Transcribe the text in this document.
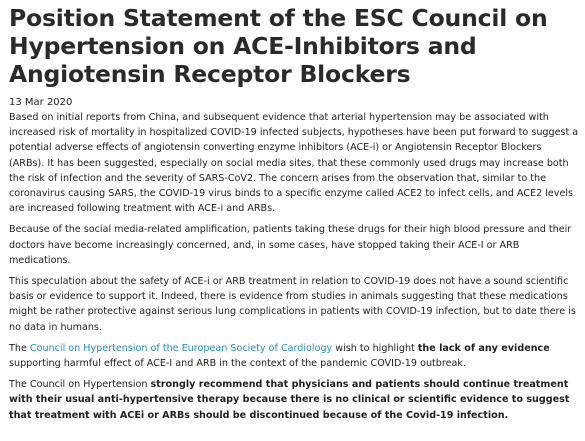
Position Statement of the ESC Council on Hypertension on ACE-Inhibitors and Angiotensin Receptor Blockers
13 Mar 2020

Based on initial reports from China, and subsequent evidence that arterial hypertension may be associated with increased risk of mortality in hospitalized COVID-19 infected subjects, hypotheses have been put forward to suggest a potential adverse effects of angiotensin converting enzyme inhibitors (ACE-i) or Angiotensin Receptor Blockers (ARBs). It has been suggested, especially on social media sites, that these commonly used drugs may increase both the risk of infection and the severity of SARS-CoV2. The concern arises from the observation that, similar to the coronavirus causing SARS, the COVID-19 virus binds to a specific enzyme called ACE2 to infect cells, and ACE2 levels are increased following treatment with ACE-i and ARBs.

Because of the social media-related amplification, patients taking these drugs for their high blood pressure and their doctors have become increasingly concerned, and, in some cases, have stopped taking their ACE-I or ARB medications.

This speculation about the safety of ACE-i or ARB treatment in relation to COVID-19 does not have a sound scientific basis or evidence to support it. Indeed, there is evidence from studies in animals suggesting that these medications might be rather protective against serious lung complications in patients with COVID-19 infection, but to date there is no data in humans.

The Council on Hypertension of the European Society of Cardiology wish to highlight the lack of any evidence supporting harmful effect of ACE-I and ARB in the context of the pandemic COVID-19 outbreak.

The Council on Hypertension strongly recommend that physicians and patients should continue treatment with their usual anti-hypertensive therapy because there is no clinical or scientific evidence to suggest that treatment with ACEi or ARBs should be discontinued because of the Covid-19 infection.
